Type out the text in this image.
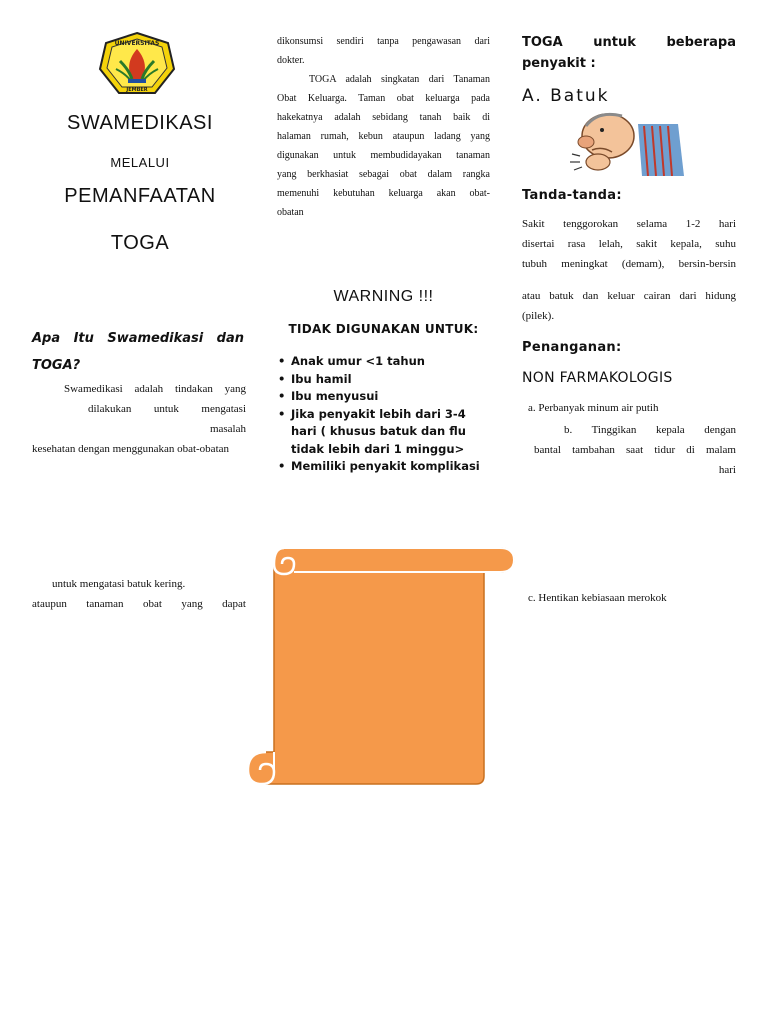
UNIVERSITAS
JEMBER
SWAMEDIKASI
MELALUI
PEMANFAATAN
TOGA
Apa Itu Swamedikasi dan
TOGA?
Swamedikasi adalah tindakan yang
dilakukan untuk mengatasi
masalah
kesehatan dengan menggunakan obat-obatan
untuk mengatasi batuk kering.
ataupun tanaman obat yang dapat
dikonsumsi sendiri tanpa pengawasan dari
dokter.
TOGA adalah singkatan dari Tanaman
Obat Keluarga. Taman obat keluarga pada
hakekatnya adalah sebidang tanah baik di
halaman rumah, kebun ataupun ladang yang
digunakan untuk membudidayakan tanaman
yang berkhasiat sebagai obat dalam rangka
memenuhi kebutuhan keluarga akan obat-
obatan
WARNING !!!
TIDAK DIGUNAKAN UNTUK:
• Anak umur <1 tahun
• Ibu hamil
• Ibu menyusui
• Jika penyakit lebih dari 3-4 hari ( khusus batuk dan flu tidak lebih dari 1 minggu>
• Memiliki penyakit komplikasi
TOGA untuk beberapa
penyakit :
A. Batuk
Tanda-tanda:
Sakit tenggorokan selama 1-2 hari
disertai rasa lelah, sakit kepala, suhu
tubuh meningkat (demam), bersin-bersin
atau batuk dan keluar cairan dari hidung
(pilek).
Penanganan:
NON FARMAKOLOGIS
a. Perbanyak minum air putih
b. Tinggikan kepala dengan
bantal tambahan saat tidur di malam
hari
c. Hentikan kebiasaan merokok
